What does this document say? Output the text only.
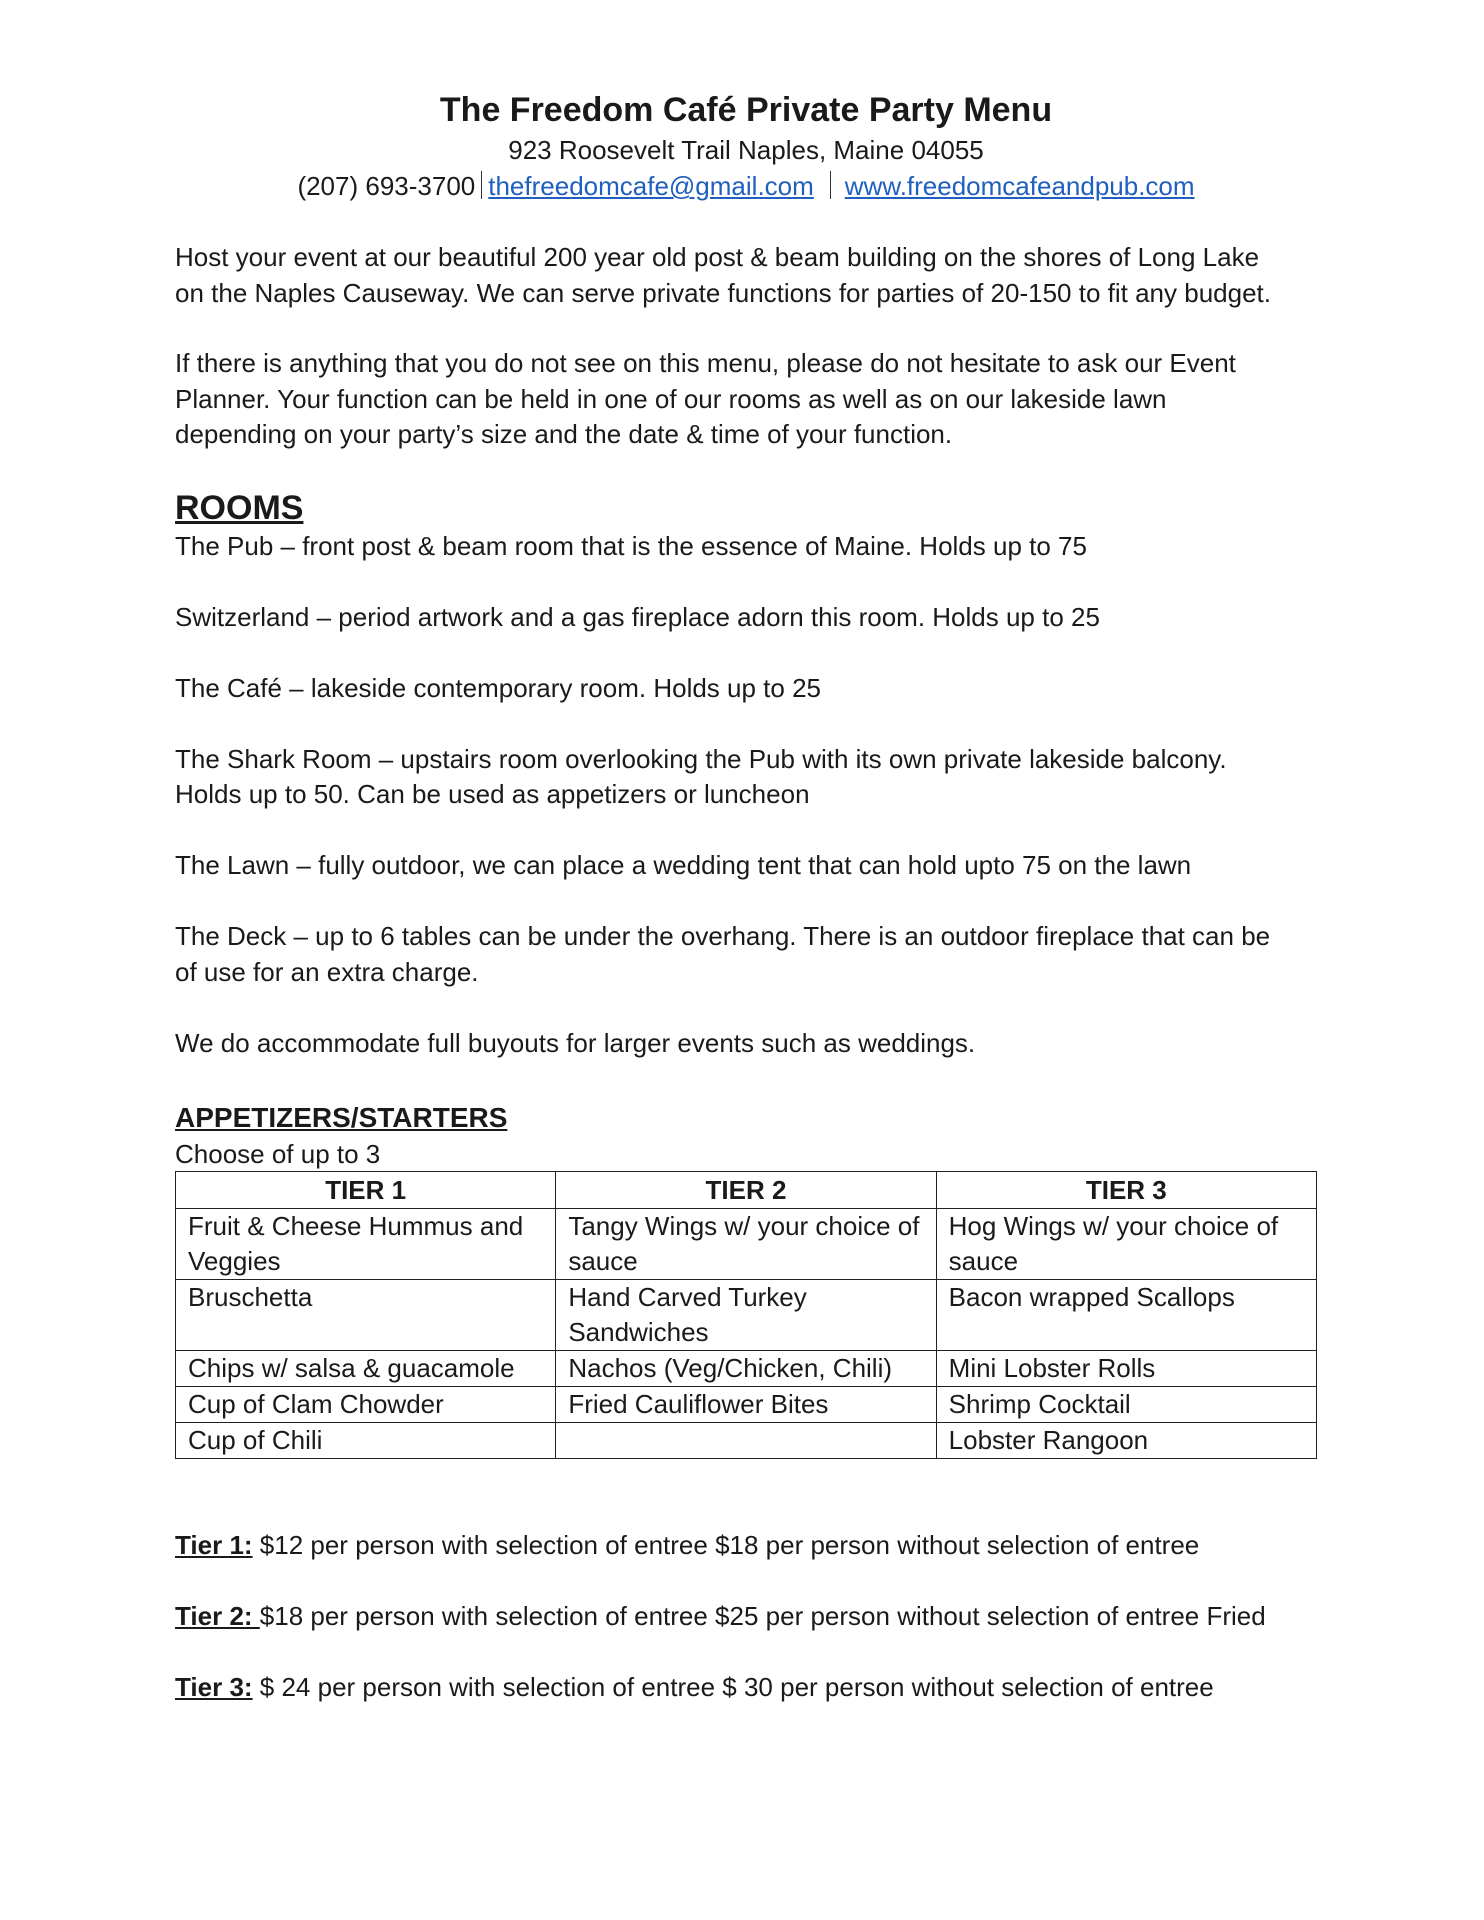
The Freedom Café Private Party Menu

923 Roosevelt Trail Naples, Maine 04055

(207) 693-3700 thefreedomcafe@gmail.com www.freedomcafeandpub.com

Host your event at our beautiful 200 year old post & beam building on the shores of Long Lake
on the Naples Causeway. We can serve private functions for parties of 20-150 to fit any budget.

If there is anything that you do not see on this menu, please do not hesitate to ask our Event
Planner. Your function can be held in one of our rooms as well as on our lakeside lawn
depending on your party’s size and the date & time of your function.

ROOMS

The Pub – front post & beam room that is the essence of Maine. Holds up to 75

Switzerland – period artwork and a gas fireplace adorn this room. Holds up to 25

The Café – lakeside contemporary room. Holds up to 25

The Shark Room – upstairs room overlooking the Pub with its own private lakeside balcony.
Holds up to 50. Can be used as appetizers or luncheon

The Lawn – fully outdoor, we can place a wedding tent that can hold upto 75 on the lawn

The Deck – up to 6 tables can be under the overhang. There is an outdoor fireplace that can be
of use for an extra charge.

We do accommodate full buyouts for larger events such as weddings.

APPETIZERS/STARTERS

Choose of up to 3

TIER 1	TIER 2	TIER 3
Fruit & Cheese Hummus and Veggies	Tangy Wings w/ your choice of sauce	Hog Wings w/ your choice of sauce
Bruschetta	Hand Carved Turkey Sandwiches	Bacon wrapped Scallops
Chips w/ salsa & guacamole	Nachos (Veg/Chicken, Chili)	Mini Lobster Rolls
Cup of Clam Chowder	Fried Cauliflower Bites	Shrimp Cocktail
Cup of Chili		Lobster Rangoon

Tier 1: $12 per person with selection of entree $18 per person without selection of entree

Tier 2: $18 per person with selection of entree $25 per person without selection of entree Fried

Tier 3: $ 24 per person with selection of entree $ 30 per person without selection of entree
